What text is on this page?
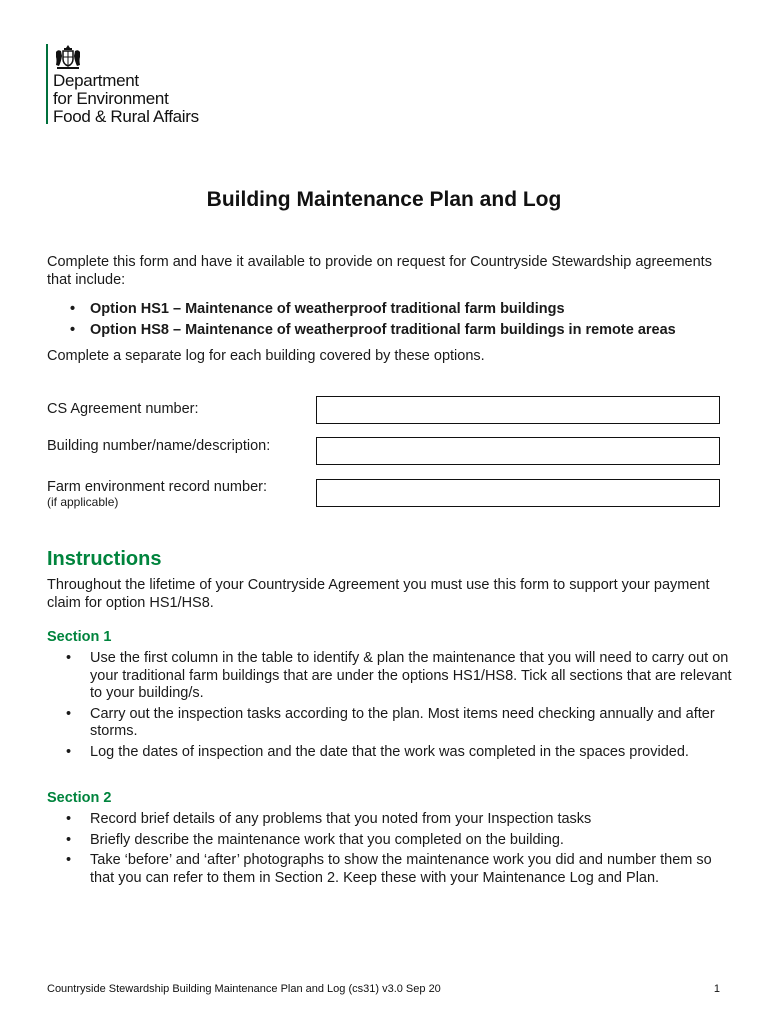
Department
for Environment
Food & Rural Affairs
Building Maintenance Plan and Log
Complete this form and have it available to provide on request for Countryside Stewardship agreements that include:
• Option HS1 – Maintenance of weatherproof traditional farm buildings
• Option HS8 – Maintenance of weatherproof traditional farm buildings in remote areas
Complete a separate log for each building covered by these options.
CS Agreement number:
Building number/name/description:
Farm environment record number:
(if applicable)
Instructions
Throughout the lifetime of your Countryside Agreement you must use this form to support your payment claim for option HS1/HS8.
Section 1
• Use the first column in the table to identify & plan the maintenance that you will need to carry out on your traditional farm buildings that are under the options HS1/HS8. Tick all sections that are relevant to your building/s.
• Carry out the inspection tasks according to the plan. Most items need checking annually and after storms.
• Log the dates of inspection and the date that the work was completed in the spaces provided.
Section 2
• Record brief details of any problems that you noted from your Inspection tasks
• Briefly describe the maintenance work that you completed on the building.
• Take ‘before’ and ‘after’ photographs to show the maintenance work you did and number them so that you can refer to them in Section 2. Keep these with your Maintenance Log and Plan.
Countryside Stewardship Building Maintenance Plan and Log (cs31) v3.0 Sep 20	1
